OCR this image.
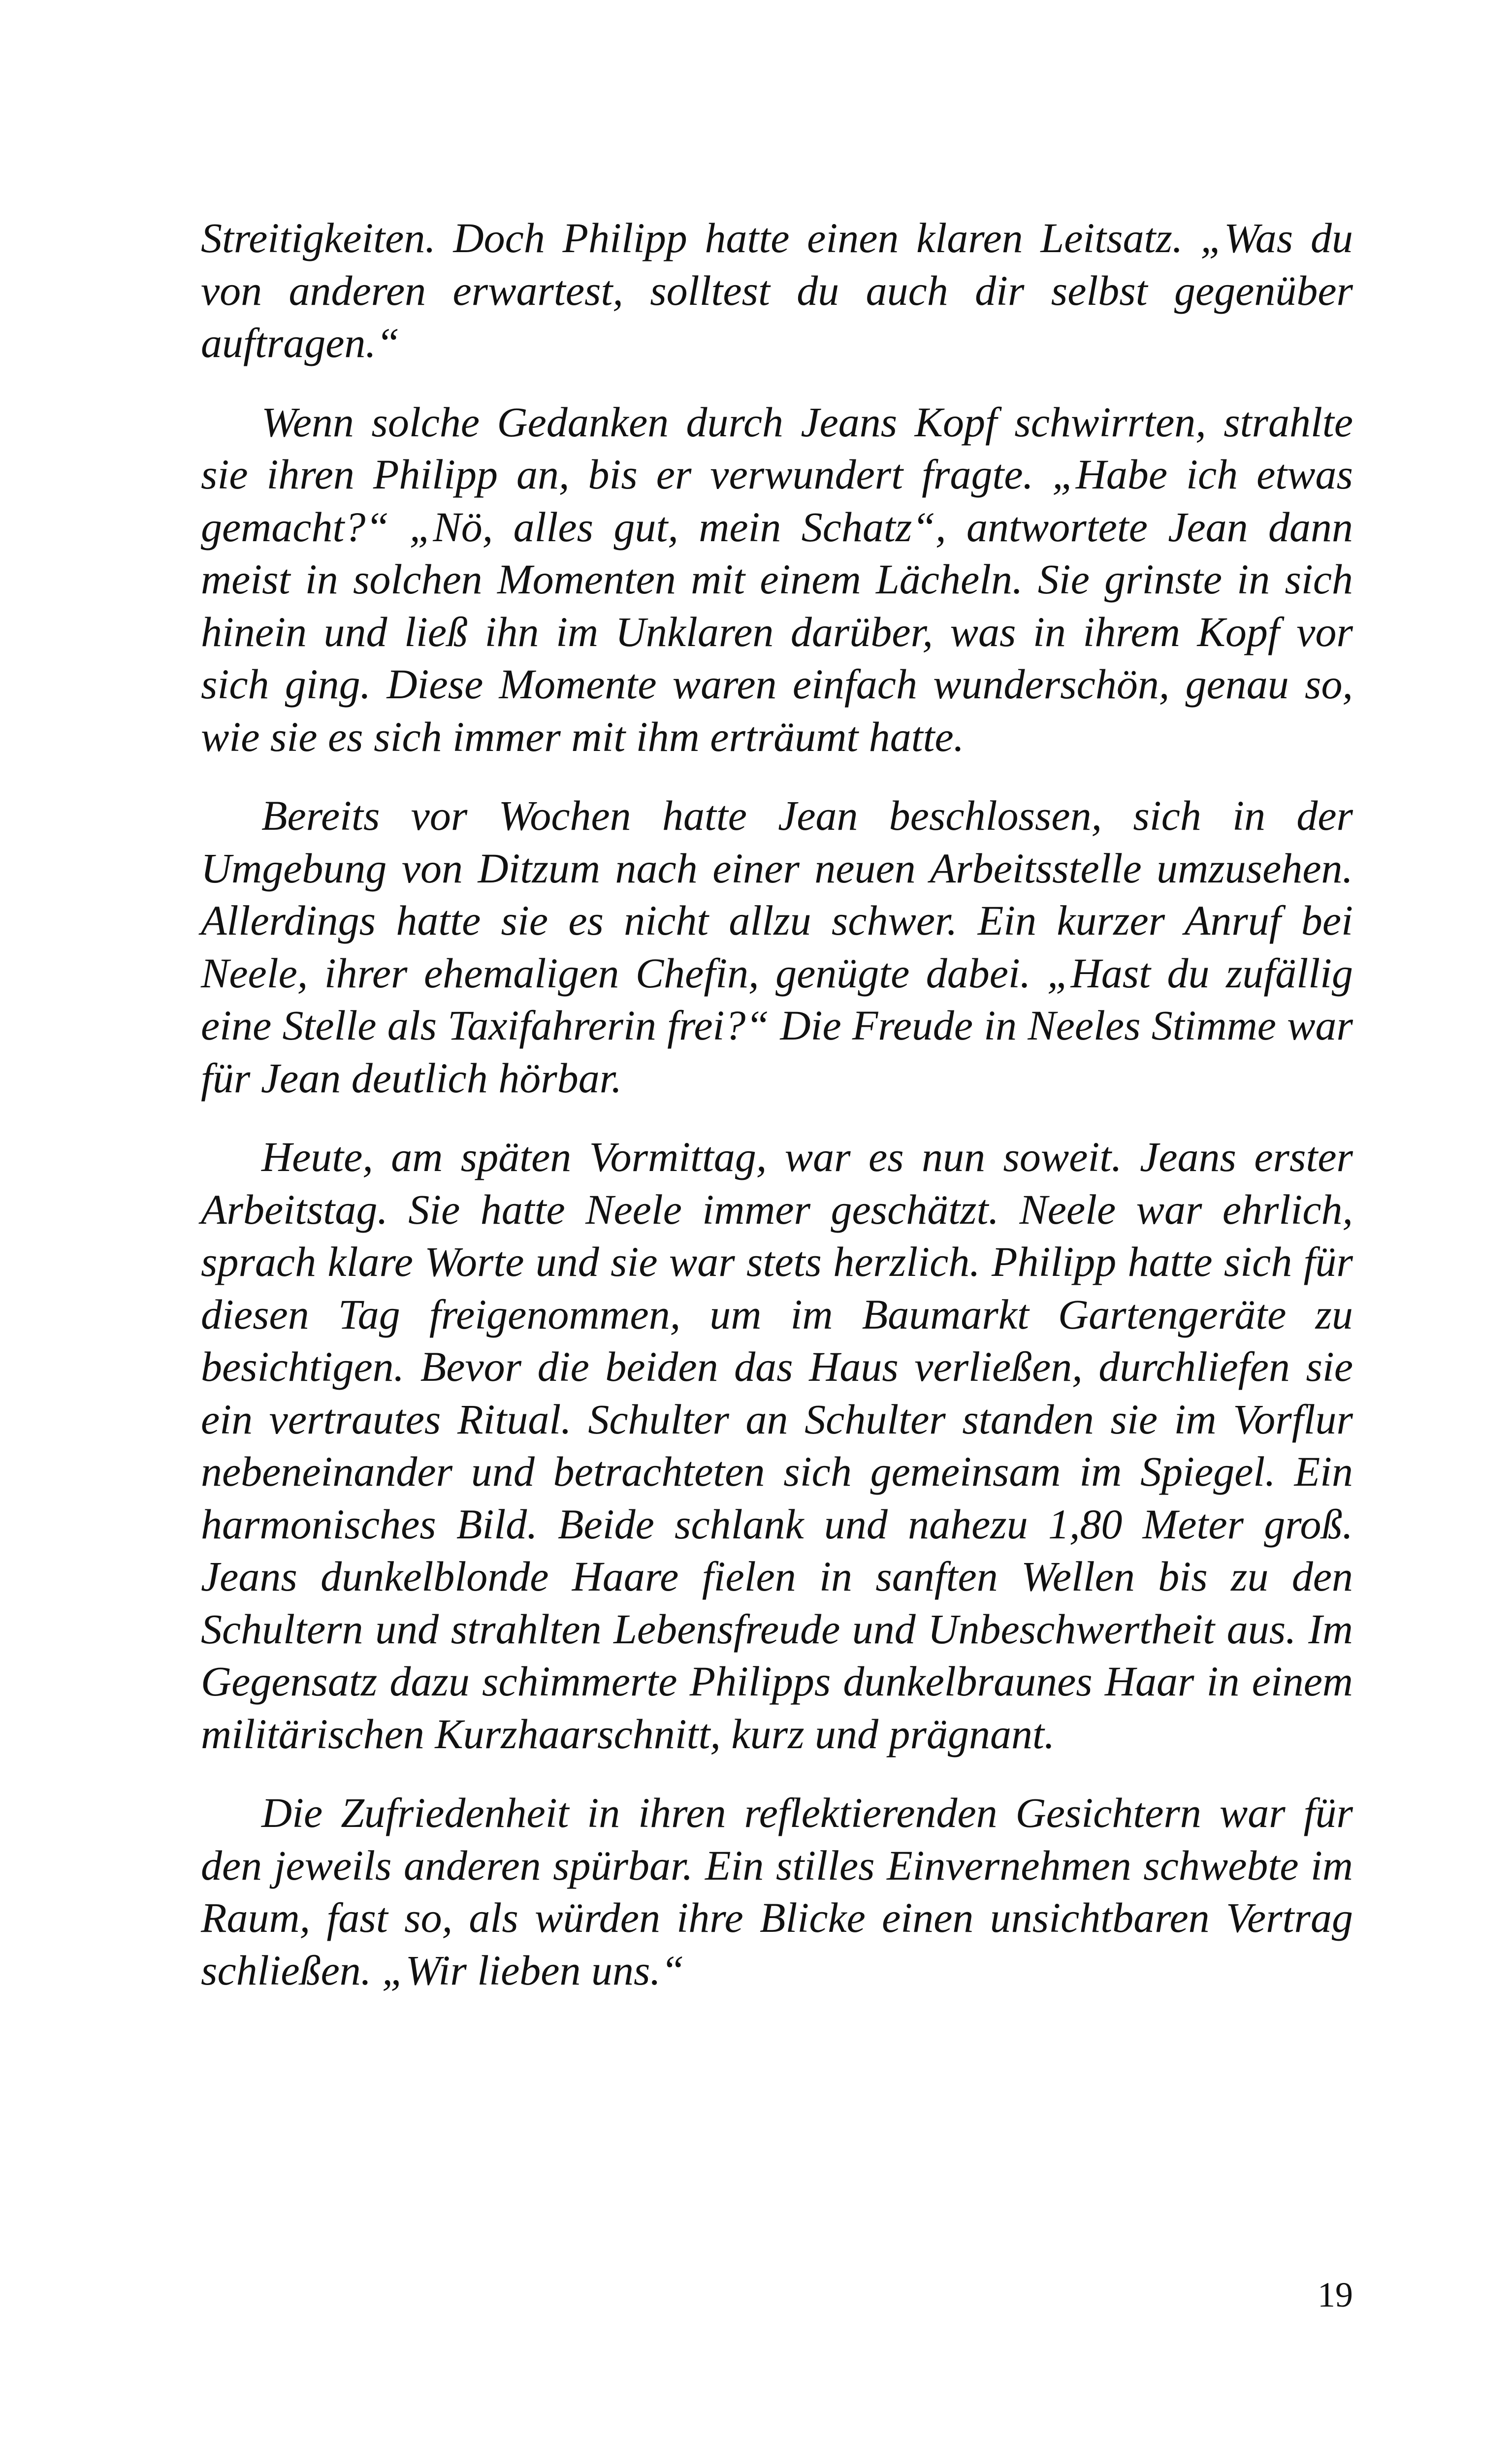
Streitigkeiten. Doch Philipp hatte einen klaren Leitsatz. „Was du von anderen erwartest, solltest du auch dir selbst gegenüber auftragen.“

Wenn solche Gedanken durch Jeans Kopf schwirrten, strahlte sie ihren Philipp an, bis er verwundert fragte. „Habe ich etwas gemacht?“ „Nö, alles gut, mein Schatz“, antwortete Jean dann meist in solchen Momenten mit einem Lächeln. Sie grinste in sich hinein und ließ ihn im Unklaren darüber, was in ihrem Kopf vor sich ging. Diese Momente waren einfach wunderschön, genau so, wie sie es sich immer mit ihm erträumt hatte.

Bereits vor Wochen hatte Jean beschlossen, sich in der Umgebung von Ditzum nach einer neuen Arbeitsstelle umzusehen. Allerdings hatte sie es nicht allzu schwer. Ein kurzer Anruf bei Neele, ihrer ehemaligen Chefin, genügte dabei. „Hast du zufällig eine Stelle als Taxifahrerin frei?“ Die Freude in Neeles Stimme war für Jean deutlich hörbar.

Heute, am späten Vormittag, war es nun soweit. Jeans erster Arbeitstag. Sie hatte Neele immer geschätzt. Neele war ehrlich, sprach klare Worte und sie war stets herzlich. Philipp hatte sich für diesen Tag freigenommen, um im Baumarkt Gartengeräte zu besichtigen. Bevor die beiden das Haus verließen, durchliefen sie ein vertrautes Ritual. Schulter an Schulter standen sie im Vorflur nebeneinander und betrachteten sich gemeinsam im Spiegel. Ein harmonisches Bild. Beide schlank und nahezu 1,80 Meter groß. Jeans dunkelblonde Haare fielen in sanften Wellen bis zu den Schultern und strahlten Lebensfreude und Unbeschwertheit aus. Im Gegensatz dazu schimmerte Philipps dunkelbraunes Haar in einem militärischen Kurzhaarschnitt, kurz und prägnant.

Die Zufriedenheit in ihren reflektierenden Gesichtern war für den jeweils anderen spürbar. Ein stilles Einvernehmen schwebte im Raum, fast so, als würden ihre Blicke einen unsichtbaren Vertrag schließen. „Wir lieben uns.“

19
